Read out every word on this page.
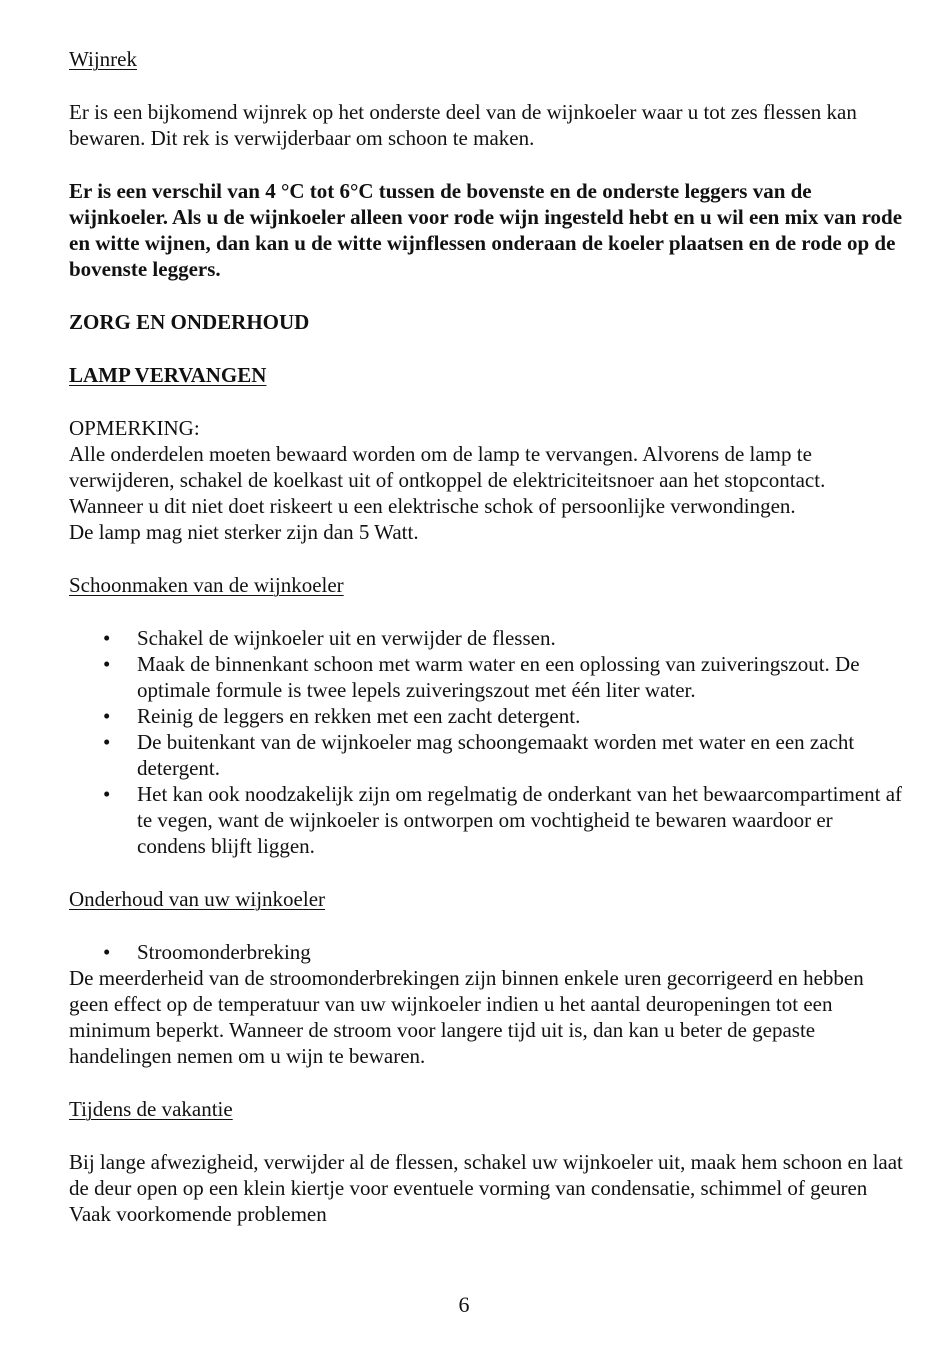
Wijnrek

Er is een bijkomend wijnrek op het onderste deel van de wijnkoeler waar u tot zes flessen kan bewaren. Dit rek is verwijderbaar om schoon te maken.

Er is een verschil van 4 °C tot 6°C tussen de bovenste en de onderste leggers van de wijnkoeler. Als u de wijnkoeler alleen voor rode wijn ingesteld hebt en u wil een mix van rode en witte wijnen, dan kan u de witte wijnflessen onderaan de koeler plaatsen en de rode op de bovenste leggers.

ZORG EN ONDERHOUD

LAMP VERVANGEN

OPMERKING:

Alle onderdelen moeten bewaard worden om de lamp te vervangen. Alvorens de lamp te

verwijderen, schakel de koelkast uit of ontkoppel de elektriciteitsnoer aan het stopcontact.

Wanneer u dit niet doet riskeert u een elektrische schok of persoonlijke verwondingen.

De lamp mag niet sterker zijn dan 5 Watt.

Schoonmaken van de wijnkoeler

• Schakel de wijnkoeler uit en verwijder de flessen.
• Maak de binnenkant schoon met warm water en een oplossing van zuiveringszout. De optimale formule is twee lepels zuiveringszout met één liter water.
• Reinig de leggers en rekken met een zacht detergent.
• De buitenkant van de wijnkoeler mag schoongemaakt worden met water en een zacht detergent.
• Het kan ook noodzakelijk zijn om regelmatig de onderkant van het bewaarcompartiment af te vegen, want de wijnkoeler is ontworpen om vochtigheid te bewaren waardoor er condens blijft liggen.

Onderhoud van uw wijnkoeler

• Stroomonderbreking

De meerderheid van de stroomonderbrekingen zijn binnen enkele uren gecorrigeerd en hebben geen effect op de temperatuur van uw wijnkoeler indien u het aantal deuropeningen tot een minimum beperkt. Wanneer de stroom voor langere tijd uit is, dan kan u beter de gepaste handelingen nemen om u wijn te bewaren.

Tijdens de vakantie

Bij lange afwezigheid, verwijder al de flessen, schakel uw wijnkoeler uit, maak hem schoon en laat de deur open op een klein kiertje voor eventuele vorming van condensatie, schimmel of geuren

Vaak voorkomende problemen

6
